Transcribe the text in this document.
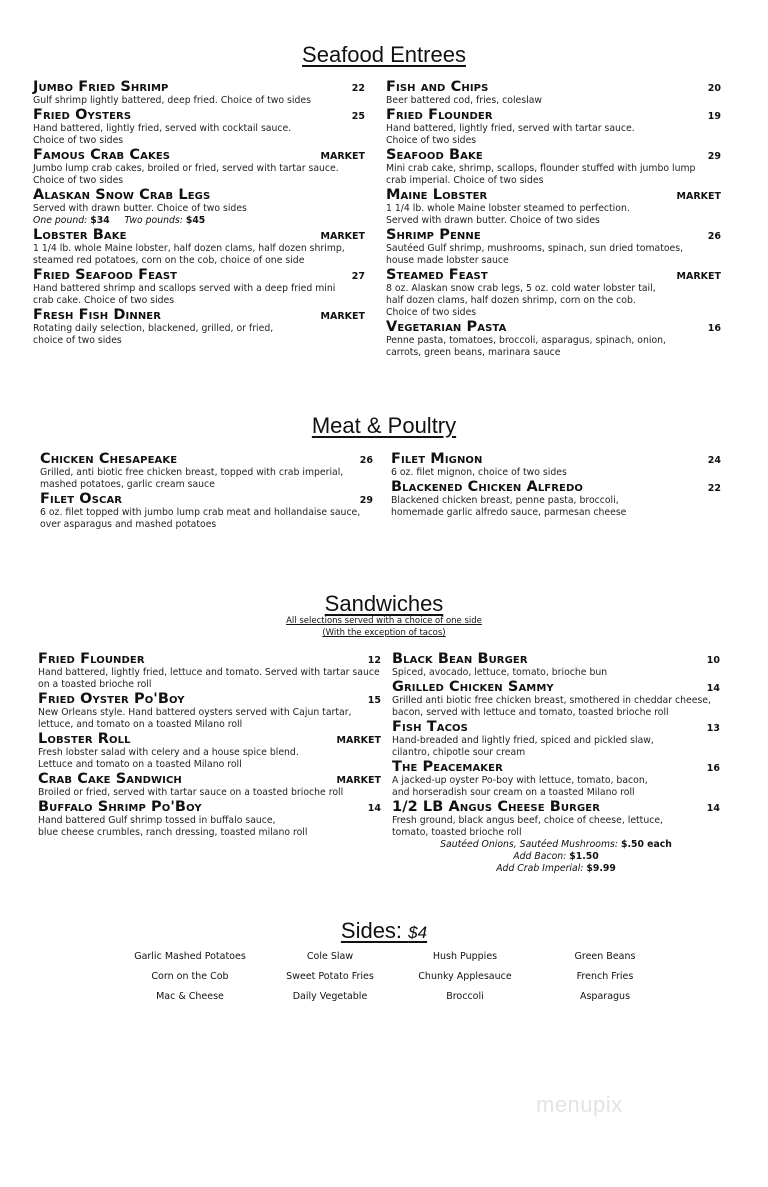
Seafood Entrees
Jumbo Fried Shrimp	22
Gulf shrimp lightly battered, deep fried. Choice of two sides
Fried Oysters	25
Hand battered, lightly fried, served with cocktail sauce.
Choice of two sides
Famous Crab Cakes	MARKET
Jumbo lump crab cakes, broiled or fried, served with tartar sauce.
Choice of two sides
Alaskan Snow Crab Legs
Served with drawn butter. Choice of two sides
One pound: $34 Two pounds: $45
Lobster Bake	MARKET
1 1/4 lb. whole Maine lobster, half dozen clams, half dozen shrimp,
steamed red potatoes, corn on the cob, choice of one side
Fried Seafood Feast	27
Hand battered shrimp and scallops served with a deep fried mini
crab cake. Choice of two sides
Fresh Fish Dinner	MARKET
Rotating daily selection, blackened, grilled, or fried,
choice of two sides
Fish and Chips	20
Beer battered cod, fries, coleslaw
Fried Flounder	19
Hand battered, lightly fried, served with tartar sauce.
Choice of two sides
Seafood Bake	29
Mini crab cake, shrimp, scallops, flounder stuffed with jumbo lump
crab imperial. Choice of two sides
Maine Lobster	MARKET
1 1/4 lb. whole Maine lobster steamed to perfection.
Served with drawn butter. Choice of two sides
Shrimp Penne	26
Sautéed Gulf shrimp, mushrooms, spinach, sun dried tomatoes,
house made lobster sauce
Steamed Feast	MARKET
8 oz. Alaskan snow crab legs, 5 oz. cold water lobster tail,
half dozen clams, half dozen shrimp, corn on the cob.
Choice of two sides
Vegetarian Pasta	16
Penne pasta, tomatoes, broccoli, asparagus, spinach, onion,
carrots, green beans, marinara sauce
Meat & Poultry
Chicken Chesapeake	26
Grilled, anti biotic free chicken breast, topped with crab imperial,
mashed potatoes, garlic cream sauce
Filet Oscar	29
6 oz. filet topped with jumbo lump crab meat and hollandaise sauce,
over asparagus and mashed potatoes
Filet Mignon	24
6 oz. filet mignon, choice of two sides
Blackened Chicken Alfredo	22
Blackened chicken breast, penne pasta, broccoli,
homemade garlic alfredo sauce, parmesan cheese
Sandwiches
All selections served with a choice of one side
(With the exception of tacos)
Fried Flounder	12
Hand battered, lightly fried, lettuce and tomato. Served with tartar sauce
on a toasted brioche roll
Fried Oyster Po'Boy	15
New Orleans style. Hand battered oysters served with Cajun tartar,
lettuce, and tomato on a toasted Milano roll
Lobster Roll	MARKET
Fresh lobster salad with celery and a house spice blend.
Lettuce and tomato on a toasted Milano roll
Crab Cake Sandwich	MARKET
Broiled or fried, served with tartar sauce on a toasted brioche roll
Buffalo Shrimp Po'Boy	14
Hand battered Gulf shrimp tossed in buffalo sauce,
blue cheese crumbles, ranch dressing, toasted milano roll
Black Bean Burger	10
Spiced, avocado, lettuce, tomato, brioche bun
Grilled Chicken Sammy	14
Grilled anti biotic free chicken breast, smothered in cheddar cheese,
bacon, served with lettuce and tomato, toasted brioche roll
Fish Tacos	13
Hand-breaded and lightly fried, spiced and pickled slaw,
cilantro, chipotle sour cream
The Peacemaker	16
A jacked-up oyster Po-boy with lettuce, tomato, bacon,
and horseradish sour cream on a toasted Milano roll
1/2 LB Angus Cheese Burger	14
Fresh ground, black angus beef, choice of cheese, lettuce,
tomato, toasted brioche roll
Sautéed Onions, Sautéed Mushrooms: $.50 each
Add Bacon: $1.50
Add Crab Imperial: $9.99
Sides: $4
Garlic Mashed Potatoes	Cole Slaw	Hush Puppies	Green Beans
Corn on the Cob	Sweet Potato Fries	Chunky Applesauce	French Fries
Mac & Cheese	Daily Vegetable	Broccoli	Asparagus
menupix
